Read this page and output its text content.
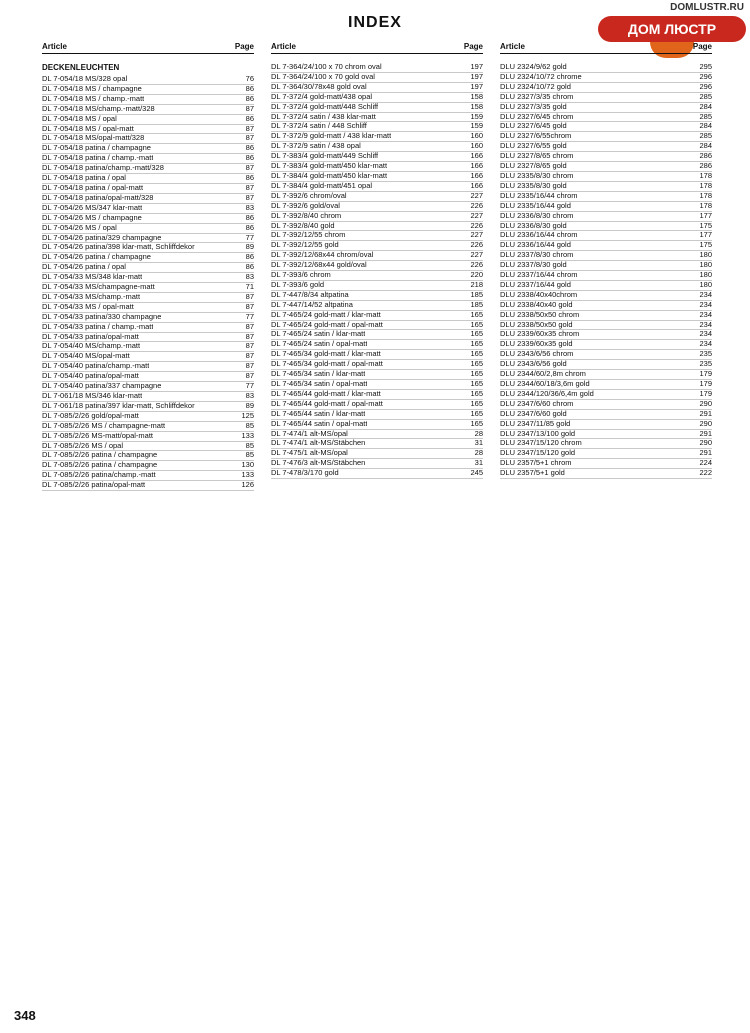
INDEX
DOMLUSTR.RU
ДОМ ЛЮСТР
Article	Page
DECKENLEUCHTEN
DL 7-054/18 MS/328 opal	76
DL 7-054/18 MS / champagne	86
DL 7-054/18 MS / champ.-matt	86
DL 7-054/18 MS/champ.-matt/328	87
DL 7-054/18 MS / opal	86
DL 7-054/18 MS / opal-matt	87
DL 7-054/18 MS/opal-matt/328	87
DL 7-054/18 patina / champagne	86
DL 7-054/18 patina / champ.-matt	86
DL 7-054/18 patina/champ.-matt/328	87
DL 7-054/18 patina / opal	86
DL 7-054/18 patina / opal-matt	87
DL 7-054/18 patina/opal-matt/328	87
DL 7-054/26 MS/347 klar-matt	83
DL 7-054/26 MS / champagne	86
DL 7-054/26 MS / opal	86
DL 7-054/26 patina/329 champagne	77
DL 7-054/26 patina/398 klar-matt, Schliffdekor	89
DL 7-054/26 patina / champagne	86
DL 7-054/26 patina / opal	86
DL 7-054/33 MS/348 klar-matt	83
DL 7-054/33 MS/champagne-matt	71
DL 7-054/33 MS/champ.-matt	87
DL 7-054/33 MS / opal-matt	87
DL 7-054/33 patina/330 champagne	77
DL 7-054/33 patina / champ.-matt	87
DL 7-054/33 patina/opal-matt	87
DL 7-054/40 MS/champ.-matt	87
DL 7-054/40 MS/opal-matt	87
DL 7-054/40 patina/champ.-matt	87
DL 7-054/40 patina/opal-matt	87
DL 7-054/40 patina/337 champagne	77
DL 7-061/18 MS/346 klar-matt	83
DL 7-061/18 patina/397 klar-matt, Schliffdekor	89
DL 7-085/2/26 gold/opal-matt	125
DL 7-085/2/26 MS / champagne-matt	85
DL 7-085/2/26 MS-matt/opal-matt	133
DL 7-085/2/26 MS / opal	85
DL 7-085/2/26 patina / champagne	85
DL 7-085/2/26 patina / champagne	130
DL 7-085/2/26 patina/champ.-matt	133
DL 7-085/2/26 patina/opal-matt	126
Article	Page
DL 7-364/24/100 x 70 chrom oval	197
DL 7-364/24/100 x 70 gold oval	197
DL 7-364/30/78x48 gold oval	197
DL 7-372/4 gold-matt/438 opal	158
DL 7-372/4 gold-matt/448 Schliff	158
DL 7-372/4 satin / 438 klar-matt	159
DL 7-372/4 satin / 448 Schliff	159
DL 7-372/9 gold-matt / 438 klar-matt	160
DL 7-372/9 satin / 438 opal	160
DL 7-383/4 gold-matt/449 Schliff	166
DL 7-383/4 gold-matt/450 klar-matt	166
DL 7-384/4 gold-matt/450 klar-matt	166
DL 7-384/4 gold-matt/451 opal	166
DL 7-392/6 chrom/oval	227
DL 7-392/6 gold/oval	226
DL 7-392/8/40 chrom	227
DL 7-392/8/40 gold	226
DL 7-392/12/55 chrom	227
DL 7-392/12/55 gold	226
DL 7-392/12/68x44 chrom/oval	227
DL 7-392/12/68x44 gold/oval	226
DL 7-393/6 chrom	220
DL 7-393/6 gold	218
DL 7-447/8/34 altpatina	185
DL 7-447/14/52 altpatina	185
DL 7-465/24 gold-matt / klar-matt	165
DL 7-465/24 gold-matt / opal-matt	165
DL 7-465/24 satin / klar-matt	165
DL 7-465/24 satin / opal-matt	165
DL 7-465/34 gold-matt / klar-matt	165
DL 7-465/34 gold-matt / opal-matt	165
DL 7-465/34 satin / klar-matt	165
DL 7-465/34 satin / opal-matt	165
DL 7-465/44 gold-matt / klar-matt	165
DL 7-465/44 gold-matt / opal-matt	165
DL 7-465/44 satin / klar-matt	165
DL 7-465/44 satin / opal-matt	165
DL 7-474/1 alt-MS/opal	28
DL 7-474/1 alt-MS/Stäbchen	31
DL 7-475/1 alt-MS/opal	28
DL 7-476/3 alt-MS/Stäbchen	31
DL 7-478/3/170 gold	245
Article	Page
DLU 2324/9/62 gold	295
DLU 2324/10/72 chrome	296
DLU 2324/10/72 gold	296
DLU 2327/3/35 chrom	285
DLU 2327/3/35 gold	284
DLU 2327/6/45 chrom	285
DLU 2327/6/45 gold	284
DLU 2327/6/55chrom	285
DLU 2327/6/55 gold	284
DLU 2327/8/65 chrom	286
DLU 2327/8/65 gold	286
DLU 2335/8/30 chrom	178
DLU 2335/8/30 gold	178
DLU 2335/16/44 chrom	178
DLU 2335/16/44 gold	178
DLU 2336/8/30 chrom	177
DLU 2336/8/30 gold	175
DLU 2336/16/44 chrom	177
DLU 2336/16/44 gold	175
DLU 2337/8/30 chrom	180
DLU 2337/8/30 gold	180
DLU 2337/16/44 chrom	180
DLU 2337/16/44 gold	180
DLU 2338/40x40chrom	234
DLU 2338/40x40 gold	234
DLU 2338/50x50 chrom	234
DLU 2338/50x50 gold	234
DLU 2339/60x35 chrom	234
DLU 2339/60x35 gold	234
DLU 2343/6/56 chrom	235
DLU 2343/6/56 gold	235
DLU 2344/60/2,8m chrom	179
DLU 2344/60/18/3,6m gold	179
DLU 2344/120/36/6,4m gold	179
DLU 2347/6/60 chrom	290
DLU 2347/6/60 gold	291
DLU 2347/11/85 gold	290
DLU 2347/13/100 gold	291
DLU 2347/15/120 chrom	290
DLU 2347/15/120 gold	291
DLU 2357/5+1 chrom	224
DLU 2357/5+1 gold	222
348
